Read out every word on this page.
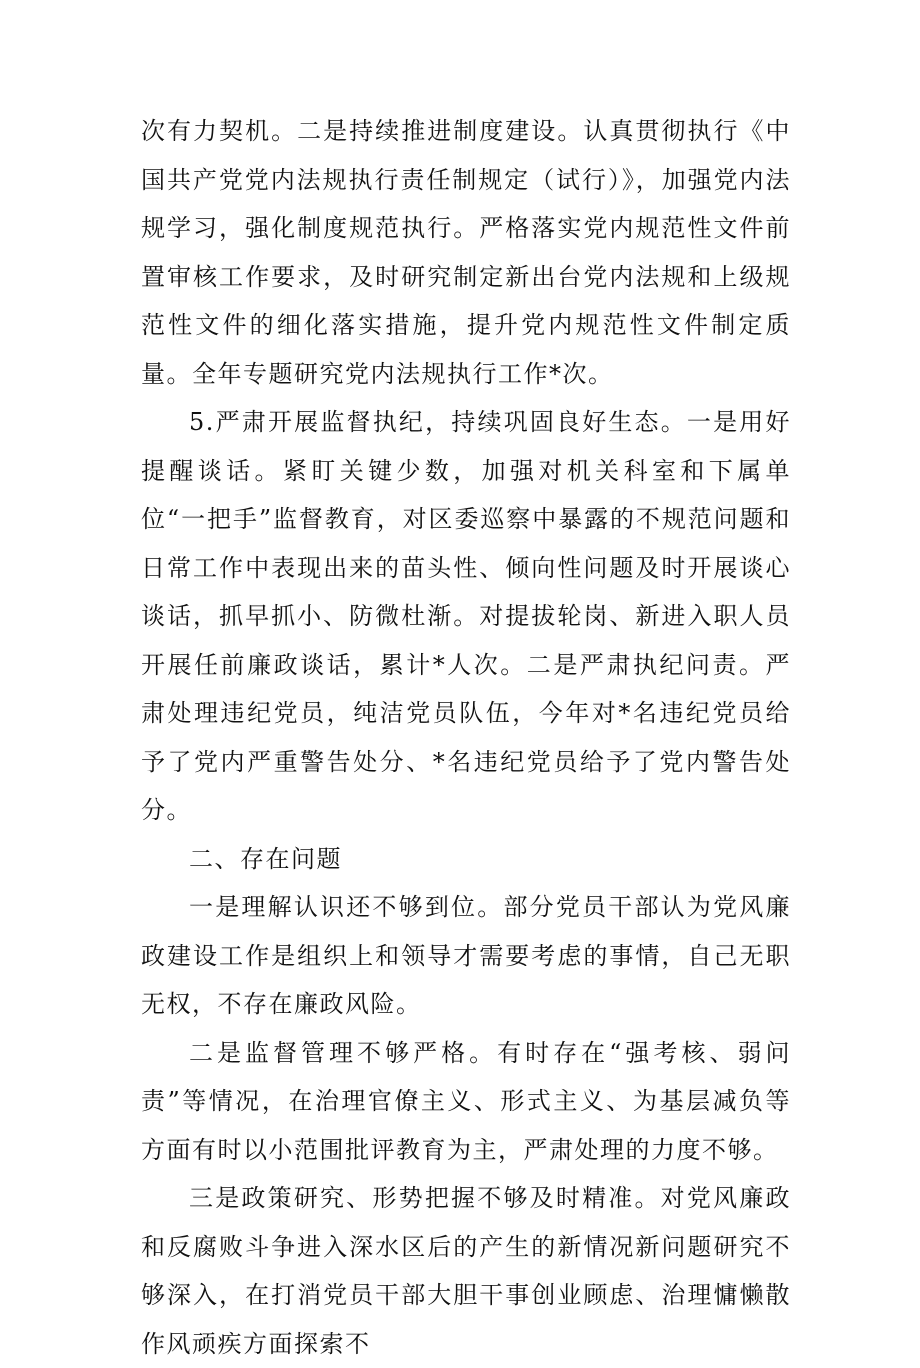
次有力契机。二是持续推进制度建设。认真贯彻执行《中国共产党党内法规执行责任制规定（试行）》，加强党内法规学习，强化制度规范执行。严格落实党内规范性文件前置审核工作要求，及时研究制定新出台党内法规和上级规范性文件的细化落实措施，提升党内规范性文件制定质量。全年专题研究党内法规执行工作*次。

5.严肃开展监督执纪，持续巩固良好生态。一是用好提醒谈话。紧盯关键少数，加强对机关科室和下属单位“一把手”监督教育，对区委巡察中暴露的不规范问题和日常工作中表现出来的苗头性、倾向性问题及时开展谈心谈话，抓早抓小、防微杜渐。对提拔轮岗、新进入职人员开展任前廉政谈话，累计*人次。二是严肃执纪问责。严肃处理违纪党员，纯洁党员队伍，今年对*名违纪党员给予了党内严重警告处分、*名违纪党员给予了党内警告处分。

二、存在问题

一是理解认识还不够到位。部分党员干部认为党风廉政建设工作是组织上和领导才需要考虑的事情，自己无职无权，不存在廉政风险。

二是监督管理不够严格。有时存在“强考核、弱问责”等情况，在治理官僚主义、形式主义、为基层减负等方面有时以小范围批评教育为主，严肃处理的力度不够。

三是政策研究、形势把握不够及时精准。对党风廉政和反腐败斗争进入深水区后的产生的新情况新问题研究不够深入，在打消党员干部大胆干事创业顾虑、治理慵懒散作风顽疾方面探索不
